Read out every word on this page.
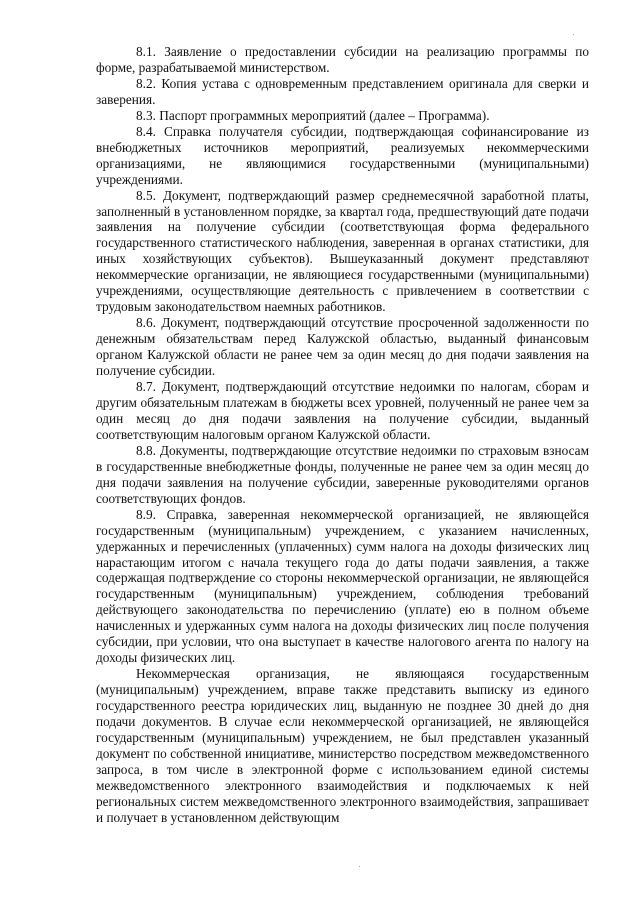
8.1. Заявление о предоставлении субсидии на реализацию программы по форме, разрабатываемой министерством.

8.2. Копия устава с одновременным представлением оригинала для сверки и заверения.

8.3. Паспорт программных мероприятий (далее – Программа).

8.4. Справка получателя субсидии, подтверждающая софинансирование из внебюджетных источников мероприятий, реализуемых некоммерческими организациями, не являющимися государственными (муниципальными) учреждениями.

8.5. Документ, подтверждающий размер среднемесячной заработной платы, заполненный в установленном порядке, за квартал года, предшествующий дате подачи заявления на получение субсидии (соответствующая форма федерального государственного статистического наблюдения, заверенная в органах статистики, для иных хозяйствующих субъектов). Вышеуказанный документ представляют некоммерческие организации, не являющиеся государственными (муниципальными) учреждениями, осуществляющие деятельность с привлечением в соответствии с трудовым законодательством наемных работников.

8.6. Документ, подтверждающий отсутствие просроченной задолженности по денежным обязательствам перед Калужской областью, выданный финансовым органом Калужской области не ранее чем за один месяц до дня подачи заявления на получение субсидии.

8.7. Документ, подтверждающий отсутствие недоимки по налогам, сборам и другим обязательным платежам в бюджеты всех уровней, полученный не ранее чем за один месяц до дня подачи заявления на получение субсидии, выданный соответствующим налоговым органом Калужской области.

8.8. Документы, подтверждающие отсутствие недоимки по страховым взносам в государственные внебюджетные фонды, полученные не ранее чем за один месяц до дня подачи заявления на получение субсидии, заверенные руководителями органов соответствующих фондов.

8.9. Справка, заверенная некоммерческой организацией, не являющейся государственным (муниципальным) учреждением, с указанием начисленных, удержанных и перечисленных (уплаченных) сумм налога на доходы физических лиц нарастающим итогом с начала текущего года до даты подачи заявления, а также содержащая подтверждение со стороны некоммерческой организации, не являющейся государственным (муниципальным) учреждением, соблюдения требований действующего законодательства по перечислению (уплате) ею в полном объеме начисленных и удержанных сумм налога на доходы физических лиц после получения субсидии, при условии, что она выступает в качестве налогового агента по налогу на доходы физических лиц.

Некоммерческая организация, не являющаяся государственным (муниципальным) учреждением, вправе также представить выписку из единого государственного реестра юридических лиц, выданную не позднее 30 дней до дня подачи документов. В случае если некоммерческой организацией, не являющейся государственным (муниципальным) учреждением, не был представлен указанный документ по собственной инициативе, министерство посредством межведомственного запроса, в том числе в электронной форме с использованием единой системы межведомственного электронного взаимодействия и подключаемых к ней региональных систем межведомственного электронного взаимодействия, запрашивает и получает в установленном действующим

·
·
